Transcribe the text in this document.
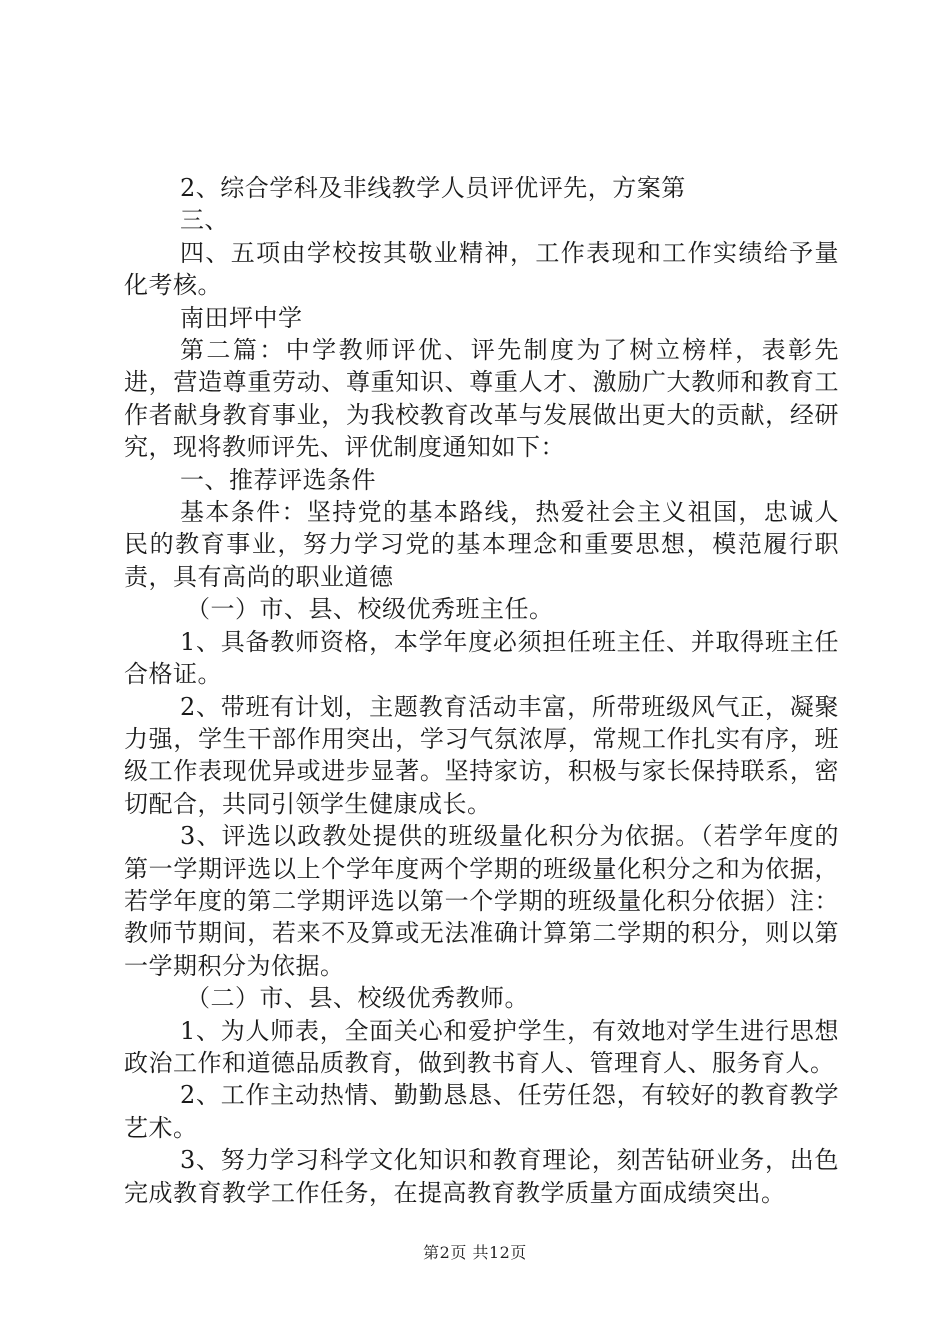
2、综合学科及非线教学人员评优评先，方案第

三、

四、五项由学校按其敬业精神，工作表现和工作实绩给予量化考核。

南田坪中学

第二篇：中学教师评优、评先制度为了树立榜样，表彰先进，营造尊重劳动、尊重知识、尊重人才、激励广大教师和教育工作者献身教育事业，为我校教育改革与发展做出更大的贡献，经研究，现将教师评先、评优制度通知如下：

一、推荐评选条件

基本条件：坚持党的基本路线，热爱社会主义祖国，忠诚人民的教育事业，努力学习党的基本理念和重要思想，模范履行职责，具有高尚的职业道德

（一）市、县、校级优秀班主任。

1、具备教师资格，本学年度必须担任班主任、并取得班主任合格证。

2、带班有计划，主题教育活动丰富，所带班级风气正，凝聚力强，学生干部作用突出，学习气氛浓厚，常规工作扎实有序，班级工作表现优异或进步显著。坚持家访，积极与家长保持联系，密切配合，共同引领学生健康成长。

3、评选以政教处提供的班级量化积分为依据。（若学年度的第一学期评选以上个学年度两个学期的班级量化积分之和为依据，若学年度的第二学期评选以第一个学期的班级量化积分依据）注：教师节期间，若来不及算或无法准确计算第二学期的积分，则以第一学期积分为依据。

（二）市、县、校级优秀教师。

1、为人师表，全面关心和爱护学生，有效地对学生进行思想政治工作和道德品质教育，做到教书育人、管理育人、服务育人。

2、工作主动热情、勤勤恳恳、任劳任怨，有较好的教育教学艺术。

3、努力学习科学文化知识和教育理论，刻苦钻研业务，出色完成教育教学工作任务，在提高教育教学质量方面成绩突出。

第2页 共12页
